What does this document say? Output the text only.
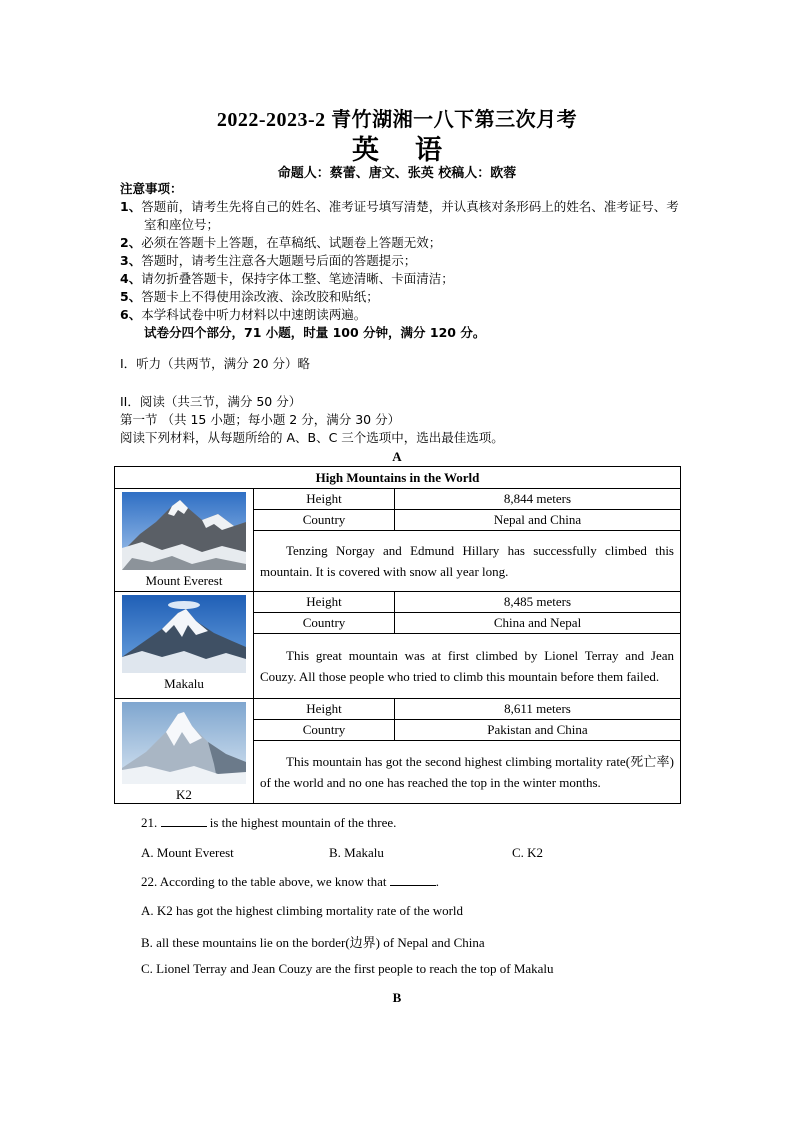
2022-2023-2 青竹湖湘一八下第三次月考
英语
命题人：蔡蕾、唐文、张英 校稿人：欧蓉
注意事项：
1、答题前，请考生先将自己的姓名、准考证号填写清楚，并认真核对条形码上的姓名、准考证号、考室和座位号；
2、必须在答题卡上答题，在草稿纸、试题卷上答题无效；
3、答题时，请考生注意各大题题号后面的答题提示；
4、请勿折叠答题卡，保持字体工整、笔迹清晰、卡面清洁；
5、答题卡上不得使用涂改液、涂改胶和贴纸；
6、本学科试卷中听力材料以中速朗读两遍。
试卷分四个部分，71 小题，时量 100 分钟，满分 120 分。
I．听力（共两节，满分 20 分）略
II．阅读（共三节，满分 50 分）
第一节 （共 15 小题；每小题 2 分，满分 30 分）
阅读下列材料，从每题所给的 A、B、C 三个选项中，选出最佳选项。
A
High Mountains in the World		

Mount Everest	Height	8,844 meters
	Country	Nepal and China
	Tenzing Norgay and Edmund Hillary has successfully climbed this mountain. It is covered with snow all year long.	

Makalu	Height	8,485 meters
	Country	China and Nepal
	This great mountain was at first climbed by Lionel Terray and Jean Couzy. All those people who tried to climb this mountain before them failed.	

K2	Height	8,611 meters
	Country	Pakistan and China
	This mountain has got the second highest climbing mortality rate(死亡率) of the world and no one has reached the top in the winter months.	
21.	is the highest mountain of the three.
A. Mount Everest	B. Makalu	C. K2
22. According to the table above, we know that	.
A. K2 has got the highest climbing mortality rate of the world
B. all these mountains lie on the border(边界) of Nepal and China
C. Lionel Terray and Jean Couzy are the first people to reach the top of Makalu
B
